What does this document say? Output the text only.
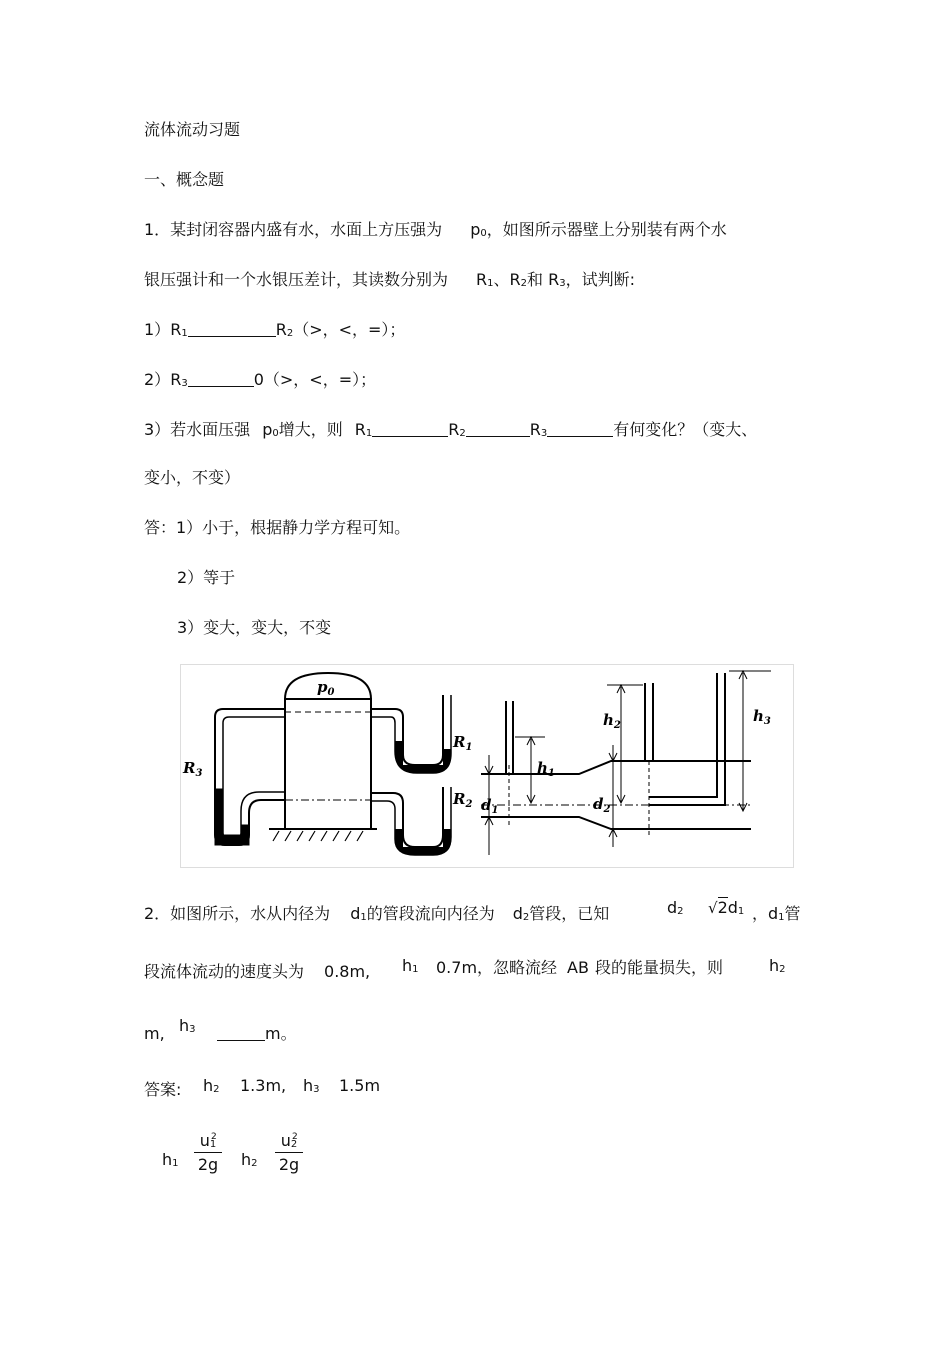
流体流动习题
一、概念题
1．某封闭容器内盛有水，水面上方压强为 p0，如图所示器壁上分别装有两个水
银压强计和一个水银压差计，其读数分别为 R1、R2和 R3，试判断:
1）R1	R2（>，<，=）；
2）R3	0（>，<，=）；
3）若水面压强 p0增大，则 R1	R2	R3	有何变化？（变大、
变小，不变）
答：1）小于，根据静力学方程可知。
2）等于
3）变大，变大，不变
$p_0$
$R_1$
$R_2$
$R_3$	$h_1$
$h_2$
$h_3$
$d_1$	$d_2$
2．如图所示，水从内径为 d1的管段流向内径为 d2管段，已知	d2 √2d1 ，d1管
段流体流动的速度头为 0.8m, h1 0.7m，忽略流经 AB 段的能量损失，则	h2
m, h3	m。
答案: h2 1.3m, h3 1.5m
h1 u1
2
2g h2 u2
2
2g
